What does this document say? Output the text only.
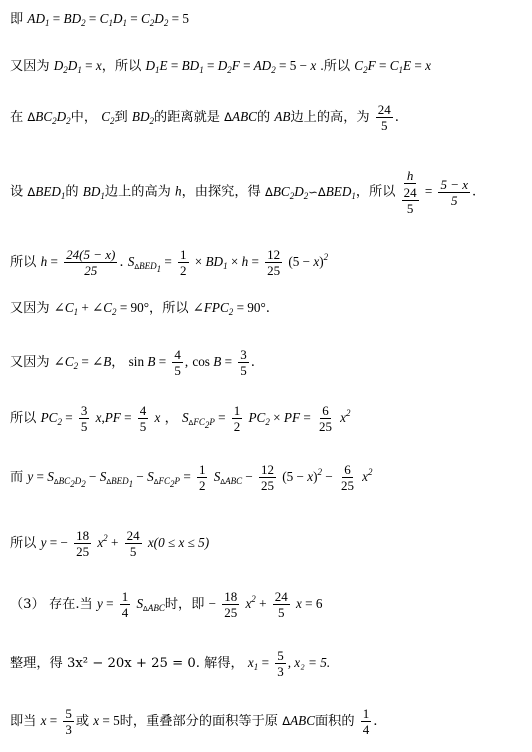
即 $AD_1 = BD_2 = C_1D_1 = C_2D_2 = 5$
又因为 $D_2D_1 = x$，所以 $D_1E = BD_1 = D_2F = AD_2 = 5 - x$ .所以 $C_2F = C_1E = x$
在 $\Delta BC_2D_2$中， $C_2$到 $BD_2$的距离就是 ΔABC的 AB边上的高，为 $\frac{24}{5}$ .
设 $\Delta BED_1$的 $BD_1$边上的高为 h，由探究，得 $\Delta BC_2D_2∽\Delta BED_1$，所以 $\frac{h}{\frac{24}{5}} = \frac{5 - x}{5}$ .
所以 $h = \frac{24(5 - x)}{25}$ . $S_{\Delta BED_1} = \frac{1}{2} \times BD_1 \times h = \frac{12}{25} (5 - x)^2$
又因为 $\angle C_1$ + $\angle C_2 = 90^\circ$，所以 $\angle FPC_2 = 90^\circ$.
又因为 $\angle C_2$ = ∠B， $\sin B = \frac{4}{5}$ , $\cos B = \frac{3}{5}$ .
所以 $PC_2 = \frac{3}{5} x,PF = \frac{4}{5}$ x ， $S_{\Delta FC_2P} = \frac{1}{2} PC_2$ × PF = $\frac{6}{25} x^2$
而 $y = S_{\Delta BC_2D_2} - S_{\Delta BED_1} - S_{\Delta FC_2P} = \frac{1}{2} S_{\Delta ABC} - \frac{12}{25} (5 - x)^2 - \frac{6}{25} x^2$
所以 y = − $\frac{18}{25} x^2 + \frac{24}{5} x(0 \le x \le 5)$
（3） 存在.当 $y = \frac{1}{4} S_{\Delta ABC}$时，即 − $\frac{18}{25} x^2 + \frac{24}{5}$ x = 6
整理，得 3x² − 20x + 25 = 0. 解得， $x_1 = \frac{5}{3}$ , x₂ = 5.
即当 $x = \frac{5}{3}$ 或 x = 5时，重叠部分的面积等于原 ΔABC面积的 $\frac{1}{4}$ .
